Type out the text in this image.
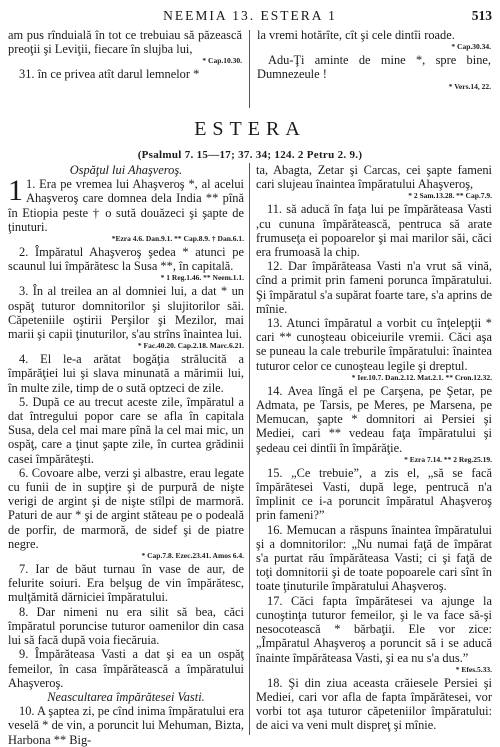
NEEMIA 13. ESTERA 1	513

am pus rînduială în tot ce trebuiau să păzească preoţii şi Leviţii, fiecare în slujba lui,

* Cap.10.30.

31. în ce privea atît darul lemnelor *

la vremi hotărîte, cît şi cele dintîi roade.

* Cap.30.34.

Adu-Ţi aminte de mine *, spre bine, Dumnezeule !

* Vers.14, 22.
ESTERA
(Psalmul 7. 15—17; 37. 34; 124. 2 Petru 2. 9.)

Ospăţul lui Ahaşveroş.

1 1. Era pe vremea lui Ahaşveroş *, al acelui Ahaşveroş care domnea dela India ** pînă în Etiopia peste † o sută douăzeci şi şapte de ţinuturi.
*Ezra 4.6. Dan.9.1. ** Cap.8.9. † Dan.6.1.

2. Împăratul Ahaşveroş şedea * atunci pe scaunul lui împărătesc la Susa **, în capitală.

* 1 Reg.1.46. ** Neem.1.1.

3. În al treilea an al domniei lui, a dat * un ospăţ tuturor domnitorilor şi slujitorilor săi. Căpeteniile oştirii Perşilor şi Mezilor, mai marii şi capii ţinuturilor, s'au strîns înaintea lui.

* Fac.40.20. Cap.2.18. Marc.6.21.

4. El le-a arătat bogăţia strălucită a împărăţiei lui şi slava minunată a mărimii lui, în multe zile, timp de o sută optzeci de zile.

5. După ce au trecut aceste zile, împăratul a dat întregului popor care se afla în capitala Susa, dela cel mai mare pînă la cel mai mic, un ospăţ, care a ţinut şapte zile, în curtea grădinii casei împărăteşti.

6. Covoare albe, verzi şi albastre, erau legate cu funii de in supţire şi de purpură de nişte verigi de argint şi de nişte stîlpi de marmoră. Paturi de aur * şi de argint stăteau pe o podeală de porfir, de marmoră, de sidef şi de piatre negre.

* Cap.7.8. Ezec.23.41. Amos 6.4.

7. Iar de băut turnau în vase de aur, de felurite soiuri. Era belşug de vin împărătesc, mulţămită dărniciei împăratului.

8. Dar nimeni nu era silit să bea, căci împăratul poruncise tuturor oamenilor din casa lui să facă după voia fiecăruia.

9. Împărăteasa Vasti a dat şi ea un ospăţ femeilor, în casa împărătească a împăratului Ahaşveroş.

Neascultarea împărătesei Vasti.

10. A şaptea zi, pe cînd inima împăratului era veselă * de vin, a poruncit lui Mehuman, Bizta, Harbona ** Big-

ta, Abagta, Zetar şi Carcas, cei şapte fameni cari slujeau înaintea împăratului Ahaşveroş,

* 2 Sam.13.28. ** Cap.7.9.

11. să aducă în faţa lui pe împărăteasa Vasti ,cu cununa împărătească, pentruca să arate frumuseţa ei popoarelor şi mai marilor săi, căci era frumoasă la chip.

12. Dar împărăteasa Vasti n'a vrut să vină, cînd a primit prin fameni porunca împăratului. Şi împăratul s'a supărat foarte tare, s'a aprins de mînie.

13. Atunci împăratul a vorbit cu înţelepţii * cari ** cunoşteau obiceiurile vremii. Căci aşa se puneau la cale treburile împăratului: înaintea tuturor celor ce cunoşteau legile şi dreptul.

* Ier.10.7. Dan.2.12. Mat.2.1. ** Cron.12.32.

14. Avea lîngă el pe Carşena, pe Şetar, pe Admata, pe Tarsis, pe Meres, pe Marsena, pe Memucan, şapte * domnitori ai Persiei şi Mediei, cari ** vedeau faţa împăratului şi şedeau cei dintîi în împărăţie.

* Ezra 7.14. ** 2 Reg.25.19.

15. „Ce trebuie”, a zis el, „să se facă împărătesei Vasti, după lege, pentrucă n'a împlinit ce i-a poruncit împăratul Ahaşveroş prin fameni?”

16. Memucan a răspuns înaintea împăratului şi a domnitorilor: „Nu numai faţă de împărat s'a purtat rău împărăteasa Vasti; ci şi faţă de toţi domnitorii şi de toate popoarele cari sînt în toate ţinuturile împăratului Ahaşveroş.

17. Căci fapta împărătesei va ajunge la cunoştinţa tuturor femeilor, şi le va face să-şi nesocotească * bărbaţii. Ele vor zice: „Împăratul Ahaşveroş a poruncit să i se aducă înainte împărăteasa Vasti, şi ea nu s'a dus.”

* Efes.5.33.

18. Şi din ziua aceasta crăiesele Persiei şi Mediei, cari vor afla de fapta împărătesei, vor vorbi tot aşa tuturor căpeteniilor împăratului: de aici va veni mult dispreţ şi mînie.
